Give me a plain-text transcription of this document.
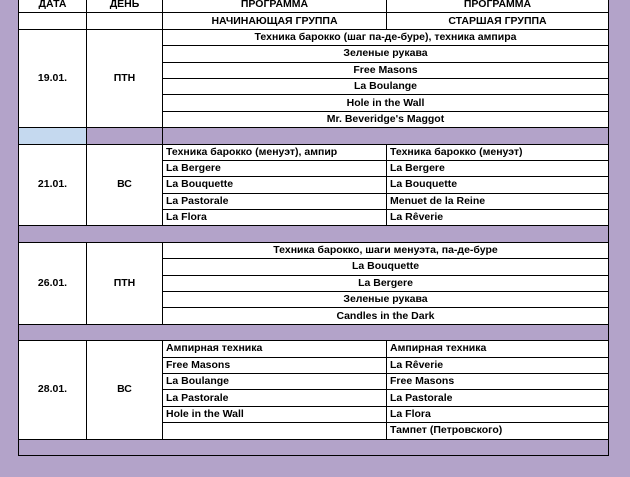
ДАТА	ДЕНЬ	ПРОГРАММА	ПРОГРАММА
		НАЧИНАЮЩАЯ ГРУППА	СТАРШАЯ ГРУППА
19.01.	ПТН	Техника барокко (шаг па-де-буре), техника ампира	
		Зеленые рукава	
		Free Masons	
		La Boulange	
		Hole in the Wall	
		Mr. Beveridge's Maggot	

21.01.	ВС	Техника барокко (менуэт), ампир	Техника барокко (менуэт)
		La Bergere	La Bergere
		La Bouquette	La Bouquette
		La Pastorale	Menuet de la Reine
		La Flora	La Rêverie

26.01.	ПТН	Техника барокко, шаги менуэта, па-де-буре	
		La Bouquette	
		La Bergere	
		Зеленые рукава	
		Candles in the Dark	

28.01.	ВС	Ампирная техника	Ампирная техника
		Free Masons	La Rêverie
		La Boulange	Free Masons
		La Pastorale	La Pastorale
		Hole in the Wall	La Flora
			Тампет (Петровского)
